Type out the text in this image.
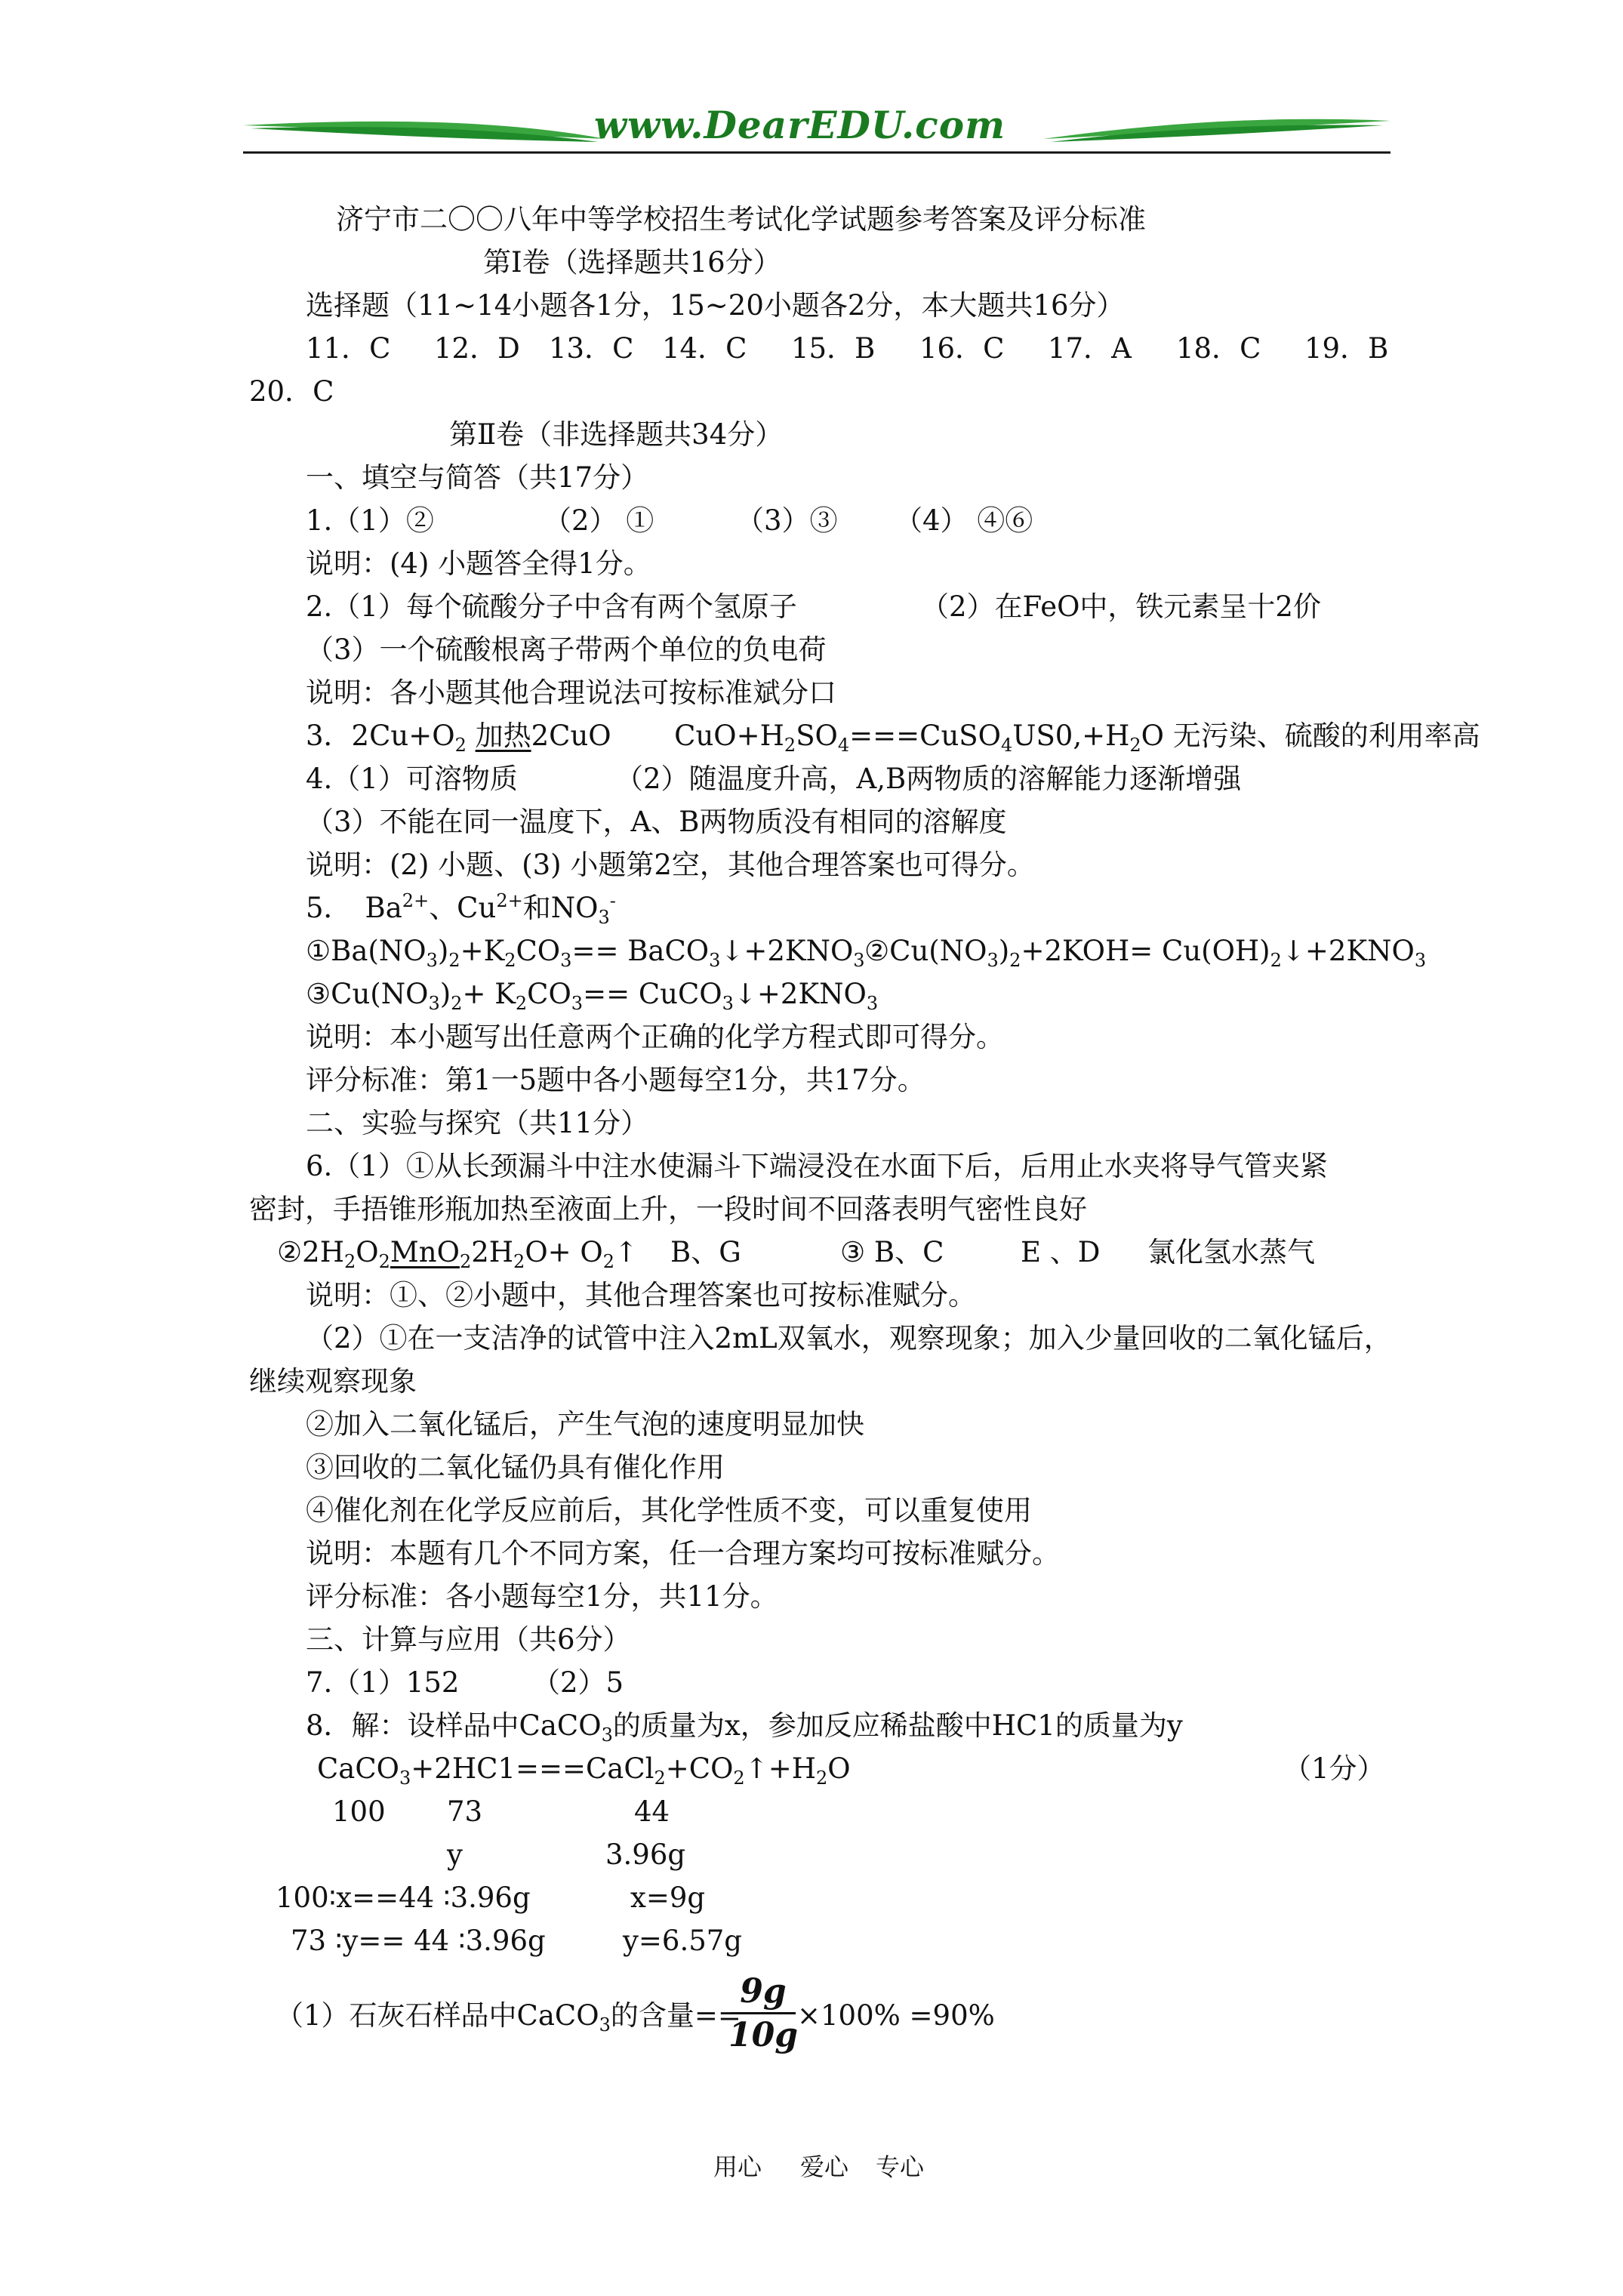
www.DearEDU.com
济宁市二〇〇八年中等学校招生考试化学试题参考答案及评分标准
第Ⅰ卷（选择题共16分）
选择题（11~14小题各1分，15~20小题各2分，本大题共16分）
11．C 12．D 13．C 14．C 15．B 16．C 17．A 18．C 19．B
20．C
第Ⅱ卷（非选择题共34分）
一、填空与简答（共17分）
1.（1）②	（2） ①	（3）③ （4） ④⑥
说明：(4) 小题答全得1分。
2.（1）每个硫酸分子中含有两个氢原子	（2）在FeO中，铁元素呈十2价
（3）一个硫酸根离子带两个单位的负电荷
说明：各小题其他合理说法可按标准斌分口
3．$2Cu+O_2$ 加热2CuO $CuO+H_2SO_4===CuSO_4US0,+H_2O$ 无污染、硫酸的利用率高
4.（1）可溶物质	（2）随温度升高，A,B两物质的溶解能力逐渐增强
（3）不能在同一温度下，A、B两物质没有相同的溶解度
说明：(2) 小题、(3) 小题第2空，其他合理答案也可得分。
5． $Ba^{2+}$、$Cu^{2+}$和$NO_3^-$
$①Ba(NO_3)_2+K_2CO_3==$ $BaCO_3↓+2KNO_3$ $②Cu(NO_3)_2+2KOH=$ $Cu(OH)_2↓+2KNO_3$
$③Cu(NO_3)_2+ K_2CO_3==$ $CuCO_3↓+2KNO_3$
说明：本小题写出任意两个正确的化学方程式即可得分。
评分标准：第1一5题中各小题每空1分，共17分。
二、实验与探究（共11分）
6.（1）①从长颈漏斗中注水使漏斗下端浸没在水面下后，后用止水夹将导气管夹紧
密封，手捂锥形瓶加热至液面上升，一段时间不回落表明气密性良好
$②2H_2O_2MnO_22H_2O+$ $O_2↑$ B、G	③ B、C	E 、D 氯化氢水蒸气
说明：①、②小题中，其他合理答案也可按标准赋分。
（2）①在一支洁净的试管中注入2mL双氧水，观察现象；加入少量回收的二氧化锰后，
继续观察现象
②加入二氧化锰后，产生气泡的速度明显加快
③回收的二氧化锰仍具有催化作用
④催化剂在化学反应前后，其化学性质不变，可以重复使用
说明：本题有几个不同方案，任一合理方案均可按标准赋分。
评分标准：各小题每空1分，共11分。
三、计算与应用（共6分）
7.（1）152	（2）5
8．解：设样品中CaCO$_3$的质量为x，参加反应稀盐酸中HC1的质量为y
$CaCO_3+2HC1===CaCl_2+CO_2↑+H_2O$	（1分）
100 73	44
y	3.96g
100∶x==44 ∶3.96g	x=9g
73 ∶y== 44 ∶3.96g	y=6.57g
（1）石灰石样品中CaCO$_3$的含量==
9g
10g
×100% =90%
用心 爱心 专心
